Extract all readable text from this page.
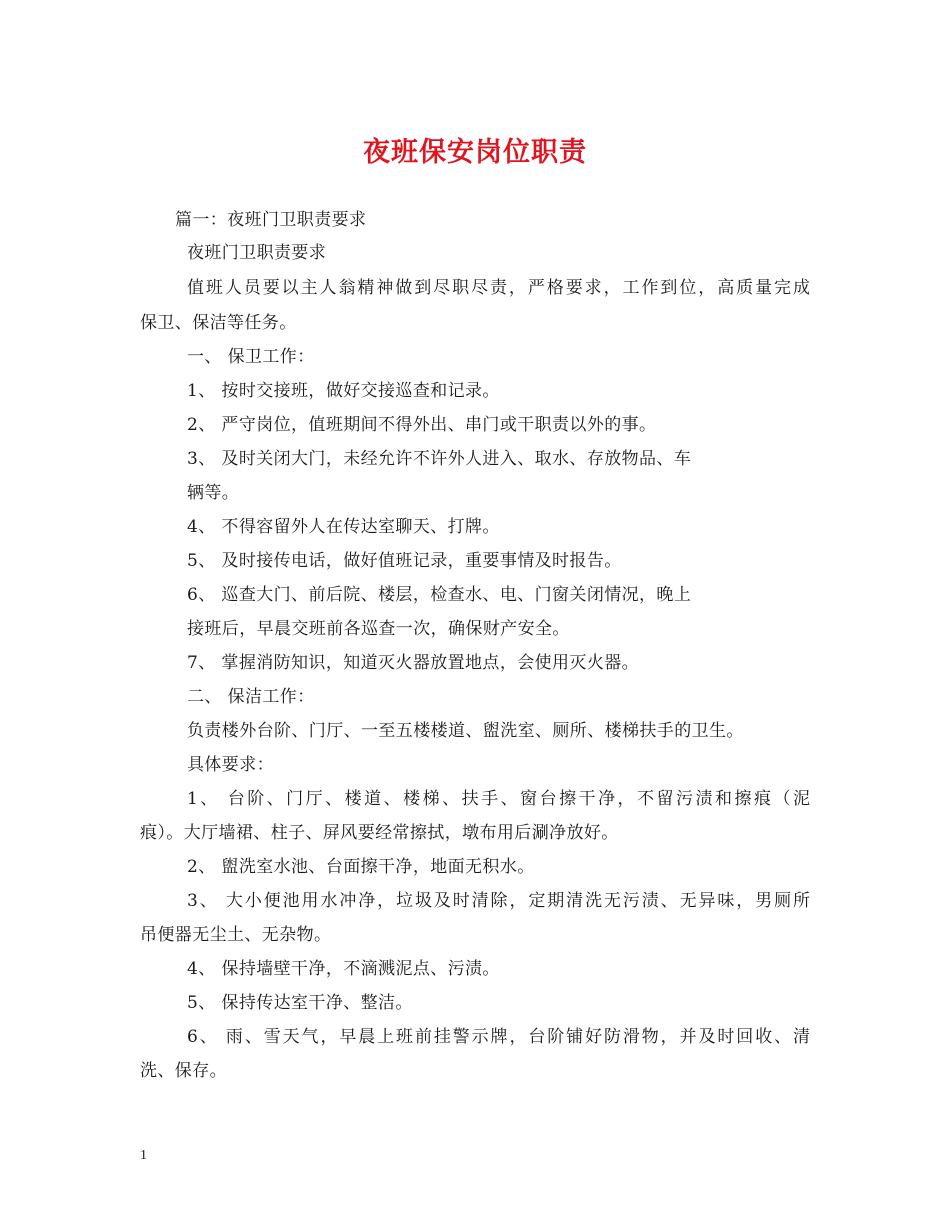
夜班保安岗位职责
篇一：夜班门卫职责要求
夜班门卫职责要求
值班人员要以主人翁精神做到尽职尽责，严格要求，工作到位，高质量完成
保卫、保洁等任务。
一、 保卫工作：
1、 按时交接班，做好交接巡查和记录。
2、 严守岗位，值班期间不得外出、串门或干职责以外的事。
3、 及时关闭大门，未经允许不许外人进入、取水、存放物品、车
辆等。
4、 不得容留外人在传达室聊天、打牌。
5、 及时接传电话，做好值班记录，重要事情及时报告。
6、 巡查大门、前后院、楼层，检查水、电、门窗关闭情况，晚上
接班后，早晨交班前各巡查一次，确保财产安全。
7、 掌握消防知识，知道灭火器放置地点，会使用灭火器。
二、 保洁工作：
负责楼外台阶、门厅、一至五楼楼道、盥洗室、厕所、楼梯扶手的卫生。
具体要求：
1、 台阶、门厅、楼道、楼梯、扶手、窗台擦干净，不留污渍和擦痕（泥
痕）。大厅墙裙、柱子、屏风要经常擦拭，墩布用后涮净放好。
2、 盥洗室水池、台面擦干净，地面无积水。
3、 大小便池用水冲净，垃圾及时清除，定期清洗无污渍、无异味，男厕所
吊便器无尘土、无杂物。
4、 保持墙壁干净，不滴溅泥点、污渍。
5、 保持传达室干净、整洁。
6、 雨、雪天气，早晨上班前挂警示牌，台阶铺好防滑物，并及时回收、清
洗、保存。
1
